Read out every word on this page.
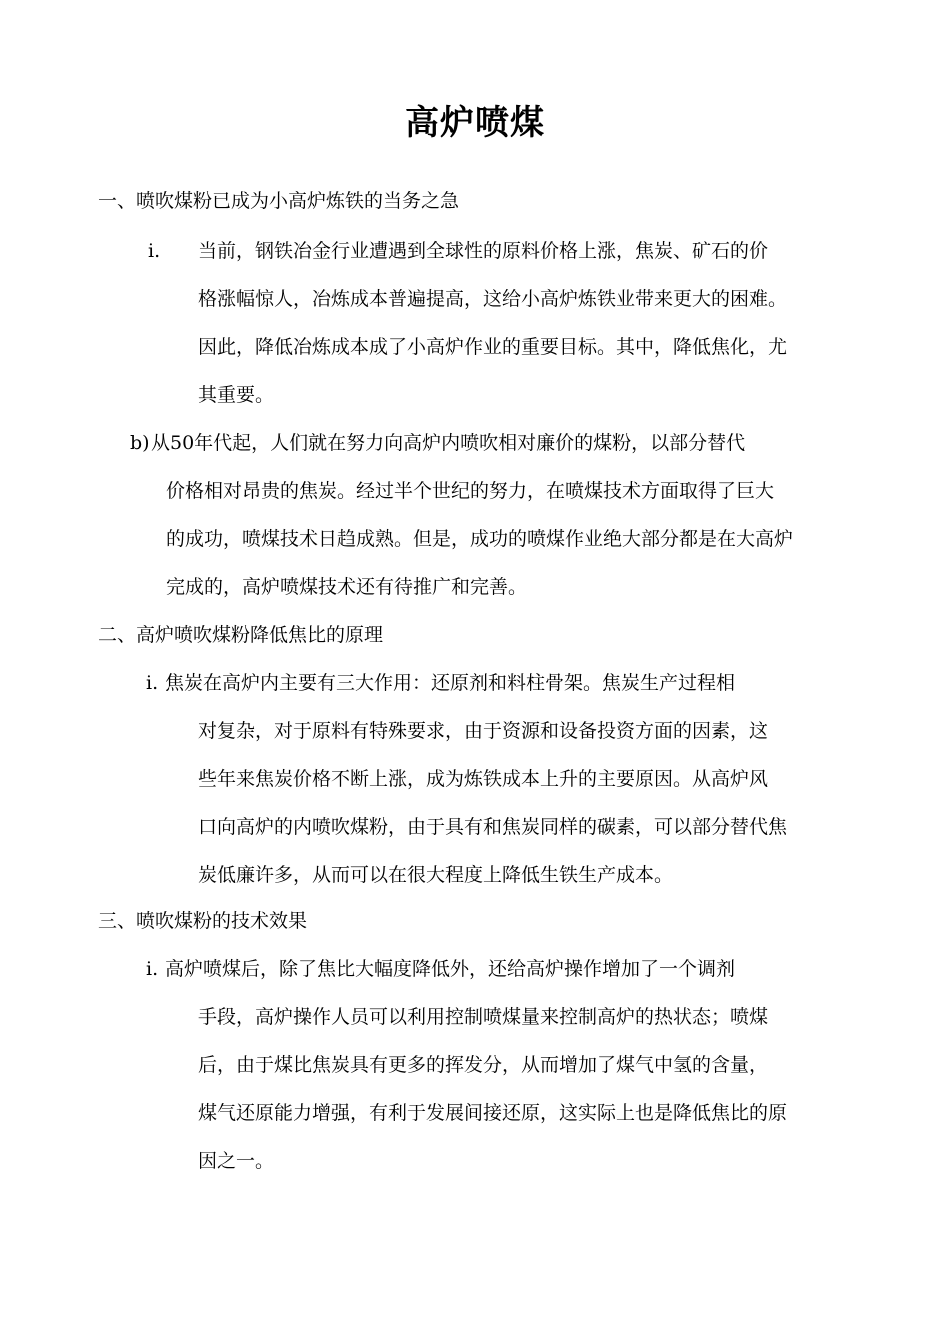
高炉喷煤
一、喷吹煤粉已成为小高炉炼铁的当务之急
i. 当前，钢铁冶金行业遭遇到全球性的原料价格上涨，焦炭、矿石的价
格涨幅惊人，冶炼成本普遍提高，这给小高炉炼铁业带来更大的困难。
因此，降低冶炼成本成了小高炉作业的重要目标。其中，降低焦化，尤
其重要。
b) 从50年代起，人们就在努力向高炉内喷吹相对廉价的煤粉，以部分替代
价格相对昂贵的焦炭。经过半个世纪的努力，在喷煤技术方面取得了巨大
的成功，喷煤技术日趋成熟。但是，成功的喷煤作业绝大部分都是在大高炉
完成的，高炉喷煤技术还有待推广和完善。
二、高炉喷吹煤粉降低焦比的原理
i. 焦炭在高炉内主要有三大作用：还原剂和料柱骨架。焦炭生产过程相
对复杂，对于原料有特殊要求，由于资源和设备投资方面的因素，这
些年来焦炭价格不断上涨，成为炼铁成本上升的主要原因。从高炉风
口向高炉的内喷吹煤粉，由于具有和焦炭同样的碳素，可以部分替代焦
炭低廉许多，从而可以在很大程度上降低生铁生产成本。
三、喷吹煤粉的技术效果
i. 高炉喷煤后，除了焦比大幅度降低外，还给高炉操作增加了一个调剂
手段，高炉操作人员可以利用控制喷煤量来控制高炉的热状态；喷煤
后，由于煤比焦炭具有更多的挥发分，从而增加了煤气中氢的含量，
煤气还原能力增强，有利于发展间接还原，这实际上也是降低焦比的原
因之一。
